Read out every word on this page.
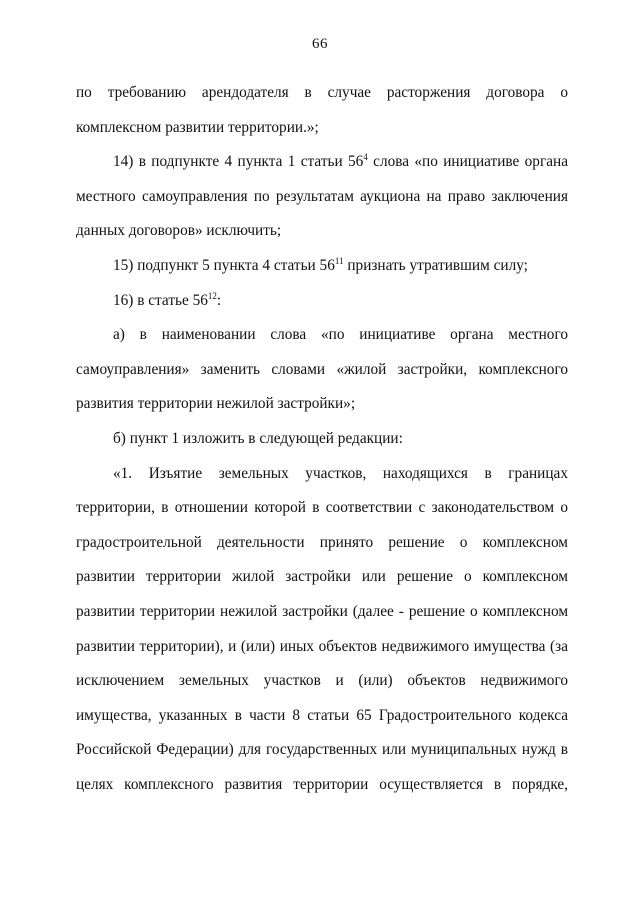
66

по требованию арендодателя в случае расторжения договора о комплексном развитии территории.»;

14) в подпункте 4 пункта 1 статьи $56^4$ слова «по инициативе органа местного самоуправления по результатам аукциона на право заключения данных договоров» исключить;

15) подпункт 5 пункта 4 статьи $56^{11}$ признать утратившим силу;

16) в статье $56^{12}$:

а) в наименовании слова «по инициативе органа местного самоуправления» заменить словами «жилой застройки, комплексного развития территории нежилой застройки»;

б) пункт 1 изложить в следующей редакции:

«1. Изъятие земельных участков, находящихся в границах территории, в отношении которой в соответствии с законодательством о градостроительной деятельности принято решение о комплексном развитии территории жилой застройки или решение о комплексном развитии территории нежилой застройки (далее - решение о комплексном развитии территории), и (или) иных объектов недвижимого имущества (за исключением земельных участков и (или) объектов недвижимого имущества, указанных в части 8 статьи 65 Градостроительного кодекса Российской Федерации) для государственных или муниципальных нужд в целях комплексного развития территории осуществляется в порядке,
